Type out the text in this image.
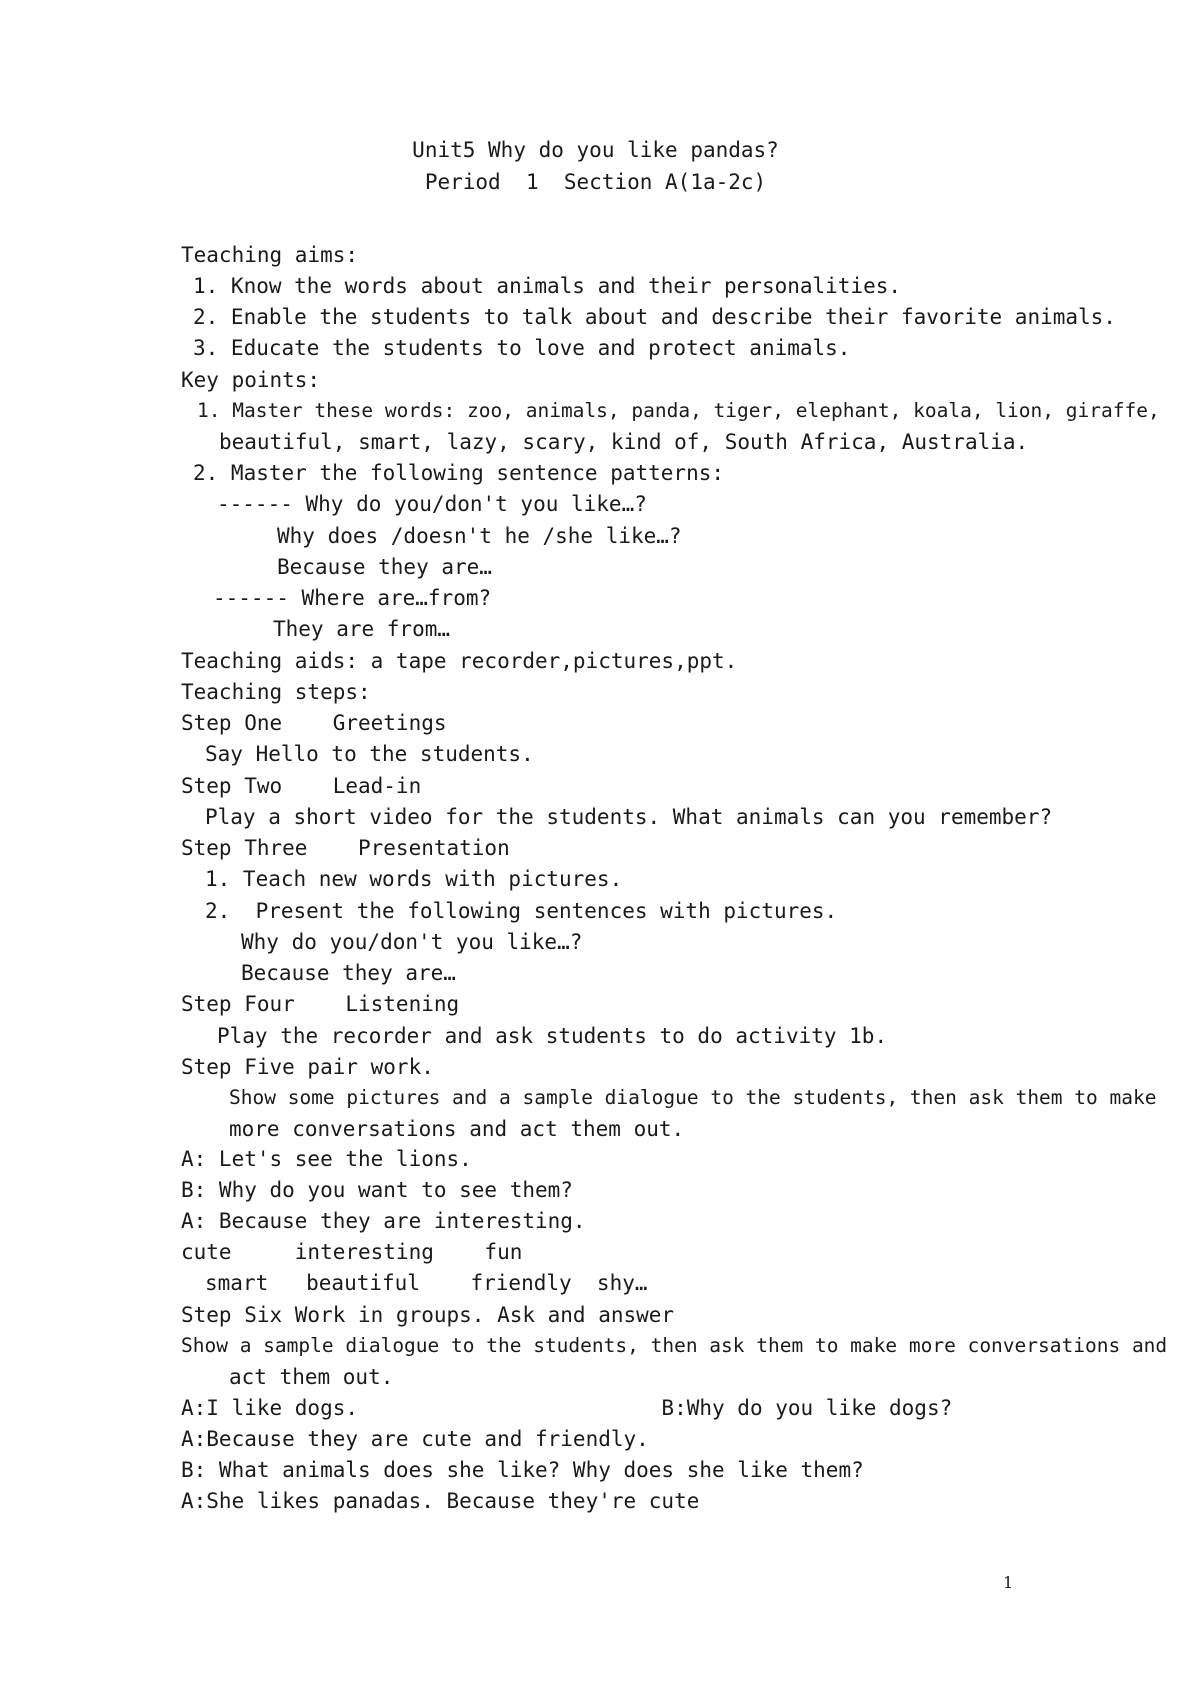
Unit5 Why do you like pandas?
Period  1  Section A(1a-2c)
Teaching aims:
1. Know the words about animals and their personalities.
2. Enable the students to talk about and describe their favorite animals.
3. Educate the students to love and protect animals.
Key points:
1. Master these words: zoo, animals, panda, tiger, elephant, koala, lion, giraffe,
beautiful, smart, lazy, scary, kind of, South Africa, Australia.
2. Master the following sentence patterns:
------ Why do you/don't you like…?
Why does /doesn't he /she like…?
Because they are…
------ Where are…from?
They are from…
Teaching aids: a tape recorder,pictures,ppt.
Teaching steps:
Step One    Greetings
Say Hello to the students.
Step Two    Lead-in
Play a short video for the students. What animals can you remember?
Step Three    Presentation
1. Teach new words with pictures.
2.  Present the following sentences with pictures.
Why do you/don't you like…?
Because they are…
Step Four    Listening
Play the recorder and ask students to do activity 1b.
Step Five pair work.
Show some pictures and a sample dialogue to the students, then ask them to make
more conversations and act them out.
A: Let's see the lions.
B: Why do you want to see them?
A: Because they are interesting.
cute     interesting    fun
smart   beautiful    friendly  shy…
Step Six Work in groups. Ask and answer
Show a sample dialogue to the students, then ask them to make more conversations and
act them out.
A:I like dogs.                        B:Why do you like dogs?
A:Because they are cute and friendly.
B: What animals does she like? Why does she like them?
A:She likes panadas. Because they're cute
1
